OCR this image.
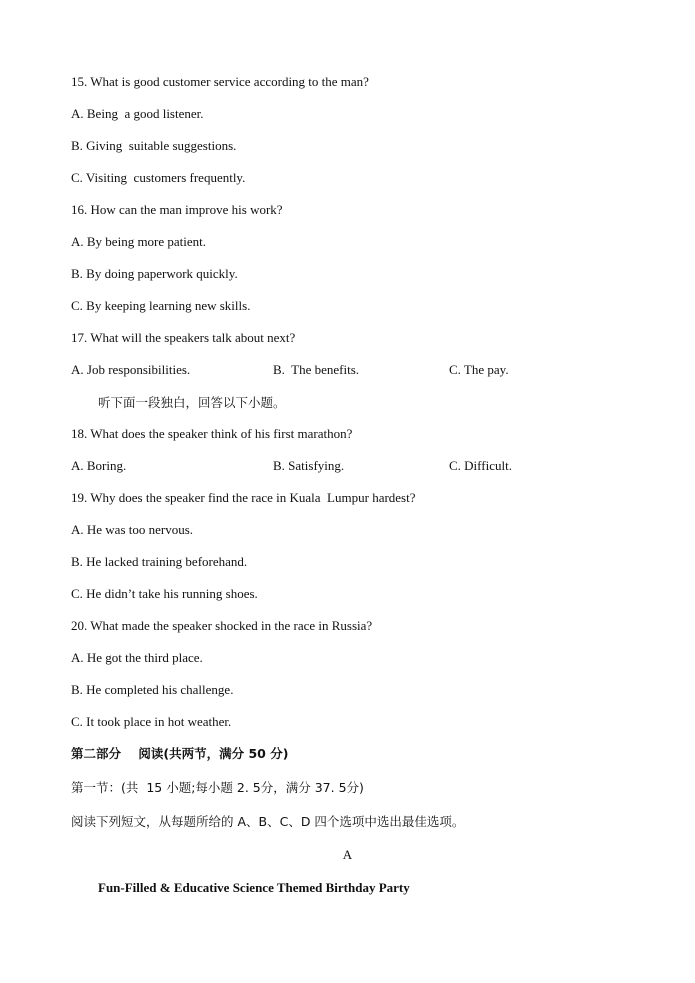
15. What is good customer service according to the man?
A. Being  a good listener.
B. Giving  suitable suggestions.
C. Visiting  customers frequently.
16. How can the man improve his work?
A. By being more patient.
B. By doing paperwork quickly.
C. By keeping learning new skills.
17. What will the speakers talk about next?
A. Job responsibilities.	B.  The benefits.	C. The pay.
听下面一段独白，回答以下小题。
18. What does the speaker think of his first marathon?
A. Boring.	B. Satisfying.	C. Difficult.
19. Why does the speaker find the race in Kuala  Lumpur hardest?
A. He was too nervous.
B. He lacked training beforehand.
C. He didn’t take his running shoes.
20. What made the speaker shocked in the race in Russia?
A. He got the third place.
B. He completed his challenge.
C. It took place in hot weather.
第二部分    阅读(共两节，满分 50 分)
第一节：(共  15 小题;每小题 2. 5分，满分 37. 5分)
阅读下列短文，从每题所给的 A、B、C、D 四个选项中选出最佳选项。
A
Fun-Filled & Educative Science Themed Birthday Party
